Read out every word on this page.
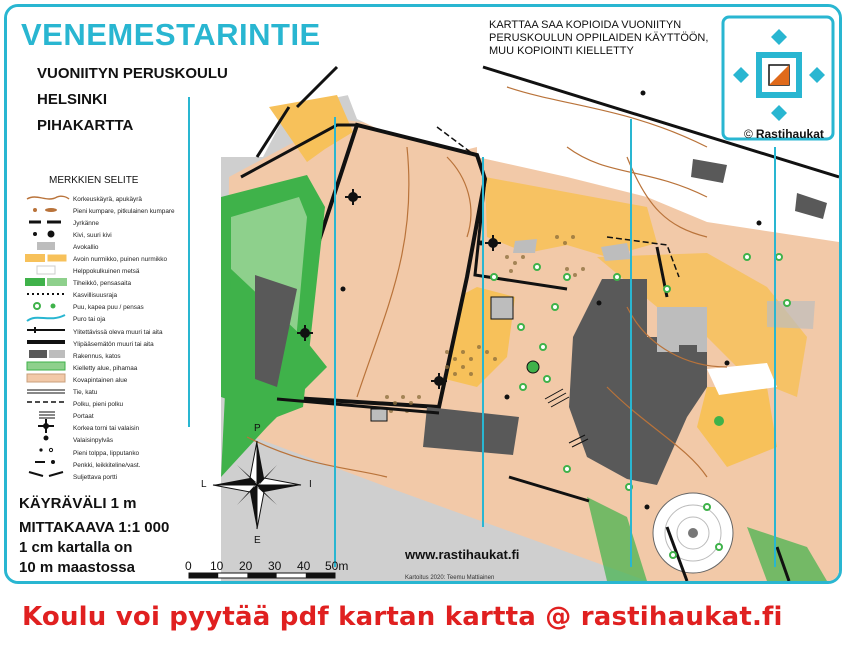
VENEMESTARINTIE
VUONIITYN PERUSKOULU
HELSINKI
PIHAKARTTA
KARTTAA SAA KOPIOIDA VUONIITYN PERUSKOULUN OPPILAIDEN KÄYTTÖÖN, MUU KOPIOINTI KIELLETTY
© Rastihaukat
MERKKIEN SELITE
Korkeuskäyrä, apukäyrä
Pieni kumpare, pitkulainen kumpare
Jyrkänne
Kivi, suuri kivi
Avokallio
Avoin nurmikko, puinen nurmikko
Helppokulkuinen metsä
Tiheikkö, pensasaita
Kasvillisuusraja
Puu, kapea puu / pensas
Puro tai oja
Ylitettävissä oleva muuri tai aita
Ylipääsemätön muuri tai aita
Rakennus, katos
Kielletty alue, pihamaa
Kovapintainen alue
Tie, katu
Polku, pieni polku
Portaat
Korkea torni tai valaisin
Valaisinpylväs
Pieni tolppa, lipputanko
Penkki, leikkiteline/vast.
Suljettava portti
P
I
E
L
KÄYRÄVÄLI 1 m
MITTAKAAVA 1:1 000
1 cm kartalla on
10 m maastossa	0 10 20 30 40 50m
www.rastihaukat.fi
Kartoitus 2020: Teemu Mattiainen
Koulu voi pyytää pdf kartan kartta @ rastihaukat.fi
